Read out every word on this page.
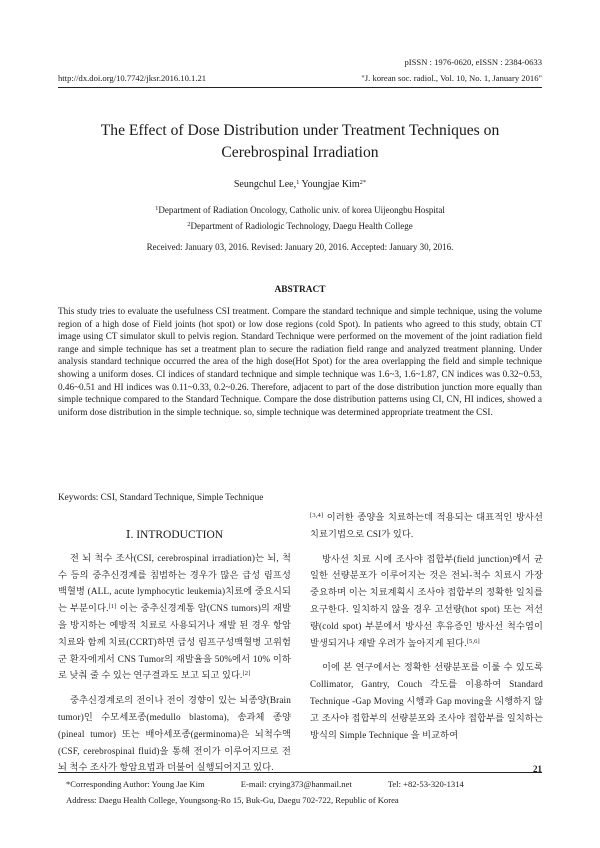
pISSN : 1976-0620, eISSN : 2384-0633
http://dx.doi.org/10.7742/jksr.2016.10.1.21	"J. korean soc. radiol., Vol. 10, No. 1, January 2016"
The Effect of Dose Distribution under Treatment Techniques on
Cerebrospinal Irradiation
Seungchul Lee,$^1$ Youngjae Kim$^{2*}$
$^1$Department of Radiation Oncology, Catholic univ. of korea Uijeongbu Hospital
$^2$Department of Radiologic Technology, Daegu Health College
Received: January 03, 2016. Revised: January 20, 2016. Accepted: January 30, 2016.
ABSTRACT
This study tries to evaluate the usefulness CSI treatment. Compare the standard technique and simple technique, using the volume region of a high dose of Field joints (hot spot) or low dose regions (cold Spot). In patients who agreed to this study, obtain CT image using CT simulator skull to pelvis region. Standard Technique were performed on the movement of the joint radiation field range and simple technique has set a treatment plan to secure the radiation field range and analyzed treatment planning. Under analysis standard technique occurred the area of the high dose(Hot Spot) for the area overlapping the field and simple technique showing a uniform doses. CI indices of standard technique and simple technique was 1.6~3, 1.6~1.87, CN indices was 0.32~0.53, 0.46~0.51 and HI indices was 0.11~0.33, 0.2~0.26. Therefore, adjacent to part of the dose distribution junction more equally than simple technique compared to the Standard Technique. Compare the dose distribution patterns using CI, CN, HI indices, showed a uniform dose distribution in the simple technique. so, simple technique was determined appropriate treatment the CSI.
Keywords: CSI, Standard Technique, Simple Technique
Ⅰ. INTRODUCTION

전 뇌 척수 조사(CSI, cerebrospinal irradiation)는 뇌, 척수 등의 중추신경계를 침범하는 경우가 많은 급성 림프성 백혈병 (ALL, acute lymphocytic leukemia)치료에 중요시되는 부분이다.[1] 이는 중추신경계통 암(CNS tumors)의 재발을 방지하는 예방적 치료로 사용되거나 재발 된 경우 항암치료와 함께 치료(CCRT)하면 급성 림프구성백혈병 고위험군 환자에게서 CNS Tumor의 재발율을 50%에서 10% 이하로 낮춰 줄 수 있는 연구결과도 보고 되고 있다.[2]

중추신경계로의 전이나 전이 경향이 있는 뇌종양(Brain tumor)인 수모세포종(medullo blastoma), 송과체 종양(pineal tumor) 또는 배아세포종(germinoma)은 뇌척수액(CSF, cerebrospinal fluid)을 통해 전이가 이루어지므로 전 뇌 척수 조사가 항암요법과 더불어 실행되어지고 있다.

[3,4] 이러한 종양을 치료하는데 적용되는 대표적인 방사선 치료기법으로 CSI가 있다.

방사선 치료 시에 조사야 접합부(field junction)에서 균일한 선량분포가 이루어지는 것은 전뇌-척수 치료시 가장 중요하며 이는 치료계획시 조사야 접합부의 정확한 일치를 요구한다. 일치하지 않을 경우 고선량(hot spot) 또는 저선량(cold spot) 부분에서 방사선 후유증인 방사선 척수염이 발생되거나 재발 우려가 높아지게 된다.[5,6]

이에 본 연구에서는 정확한 선량분포를 이룰 수 있도록 Collimator, Gantry, Couch 각도를 이용하여 Standard Technique -Gap Moving 시행과 Gap moving을 시행하지 않고 조사야 접합부의 선량분포와 조사야 접합부를 일치하는 방식의 Simple Technique 을 비교하여

21
*Corresponding Author: Young Jae Kim	E-mail: crying373@hanmail.net	Tel: +82-53-320-1314
Address: Daegu Health College, Youngsong-Ro 15, Buk-Gu, Daegu 702-722, Republic of Korea
